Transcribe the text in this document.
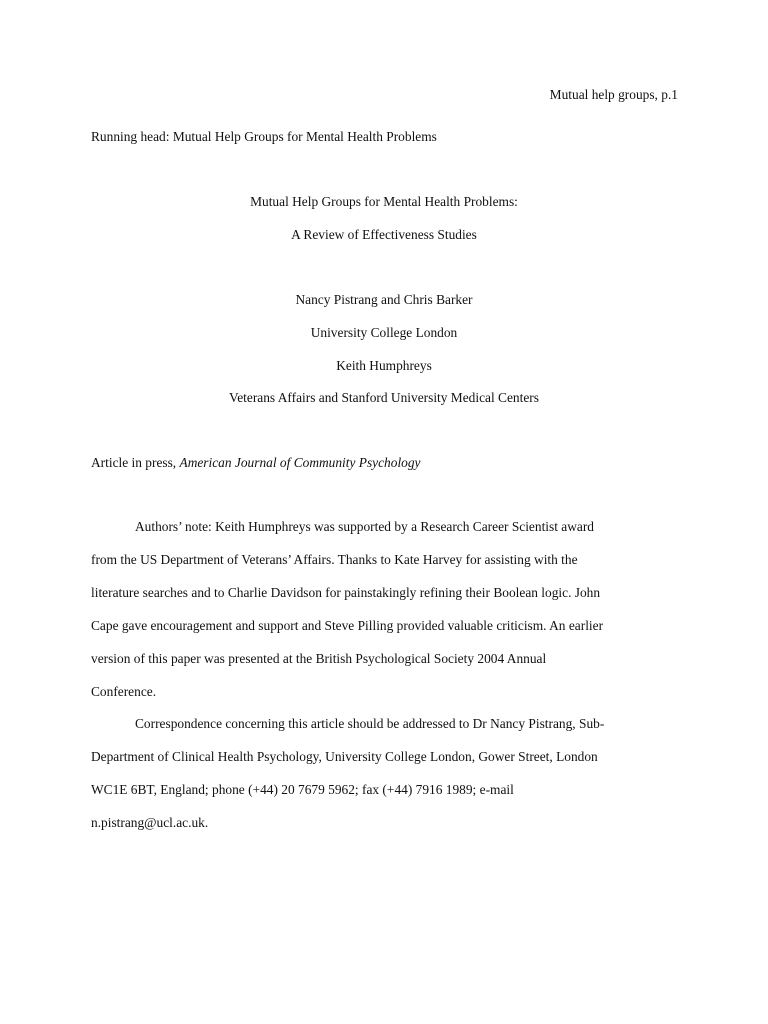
Mutual help groups, p.1
Running head: Mutual Help Groups for Mental Health Problems
Mutual Help Groups for Mental Health Problems:
A Review of Effectiveness Studies
Nancy Pistrang and Chris Barker
University College London
Keith Humphreys
Veterans Affairs and Stanford University Medical Centers
Article in press, American Journal of Community Psychology
Authors’ note: Keith Humphreys was supported by a Research Career Scientist award
from the US Department of Veterans’ Affairs. Thanks to Kate Harvey for assisting with the
literature searches and to Charlie Davidson for painstakingly refining their Boolean logic. John
Cape gave encouragement and support and Steve Pilling provided valuable criticism. An earlier
version of this paper was presented at the British Psychological Society 2004 Annual
Conference.
Correspondence concerning this article should be addressed to Dr Nancy Pistrang, Sub-
Department of Clinical Health Psychology, University College London, Gower Street, London
WC1E 6BT, England; phone (+44) 20 7679 5962; fax (+44) 7916 1989; e-mail
n.pistrang@ucl.ac.uk.
